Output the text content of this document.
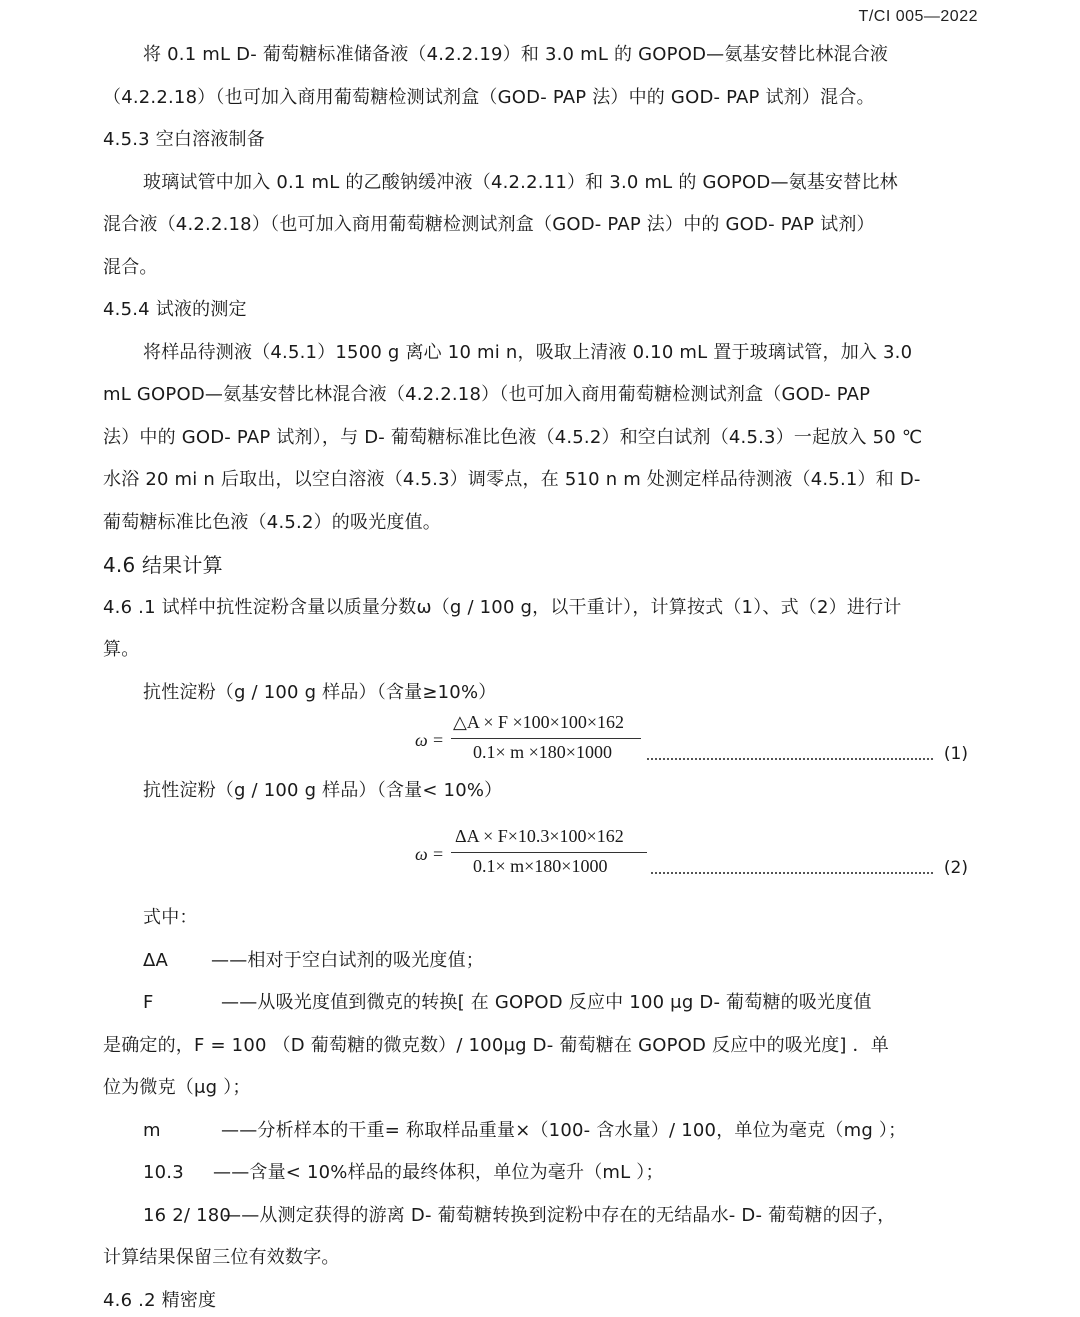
T/CI 005—2022
将 0.1 mL D- 葡萄糖标准储备液（4.2.2.19）和 3.0 mL 的 GOPOD—氨基安替比林混合液
（4.2.2.18）（也可加入商用葡萄糖检测试剂盒（GOD- PAP 法）中的 GOD- PAP 试剂）混合。
4.5.3 空白溶液制备
玻璃试管中加入 0.1 mL 的乙酸钠缓冲液（4.2.2.11）和 3.0 mL 的 GOPOD—氨基安替比林
混合液（4.2.2.18）（也可加入商用葡萄糖检测试剂盒（GOD- PAP 法）中的 GOD- PAP 试剂）
混合。
4.5.4 试液的测定
将样品待测液（4.5.1）1500 g 离心 10 mi n，吸取上清液 0.10 mL 置于玻璃试管，加入 3.0
mL GOPOD—氨基安替比林混合液（4.2.2.18）（也可加入商用葡萄糖检测试剂盒（GOD- PAP
法）中的 GOD- PAP 试剂），与 D- 葡萄糖标准比色液（4.5.2）和空白试剂（4.5.3）一起放入 50 ℃
水浴 20 mi n 后取出，以空白溶液（4.5.3）调零点，在 510 n m 处测定样品待测液（4.5.1）和 D-
葡萄糖标准比色液（4.5.2）的吸光度值。
4.6 结果计算
4.6 .1 试样中抗性淀粉含量以质量分数ω（g / 100 g，以干重计），计算按式（1）、式（2）进行计
算。
抗性淀粉（g / 100 g 样品）（含量≥10%）
ω =
△A × F ×100×100×162
0.1× m ×180×1000	(1)
抗性淀粉（g / 100 g 样品）（含量< 10%）
ω =
ΔA × F×10.3×100×162
0.1× m×180×1000	(2)
式中：
ΔA ——相对于空白试剂的吸光度值；
F	——从吸光度值到微克的转换[ 在 GOPOD 反应中 100 μg D- 葡萄糖的吸光度值
是确定的，F = 100 （D 葡萄糖的微克数）/ 100μg D- 葡萄糖在 GOPOD 反应中的吸光度] ．单
位为微克（μg ）；
m	——分析样本的干重= 称取样品重量×（100- 含水量）/ 100，单位为毫克（mg ）；
10.3 ——含量< 10%样品的最终体积，单位为毫升（mL ）；
16 2/ 180——从测定获得的游离 D- 葡萄糖转换到淀粉中存在的无结晶水- D- 葡萄糖的因子，
计算结果保留三位有效数字。
4.6 .2 精密度
